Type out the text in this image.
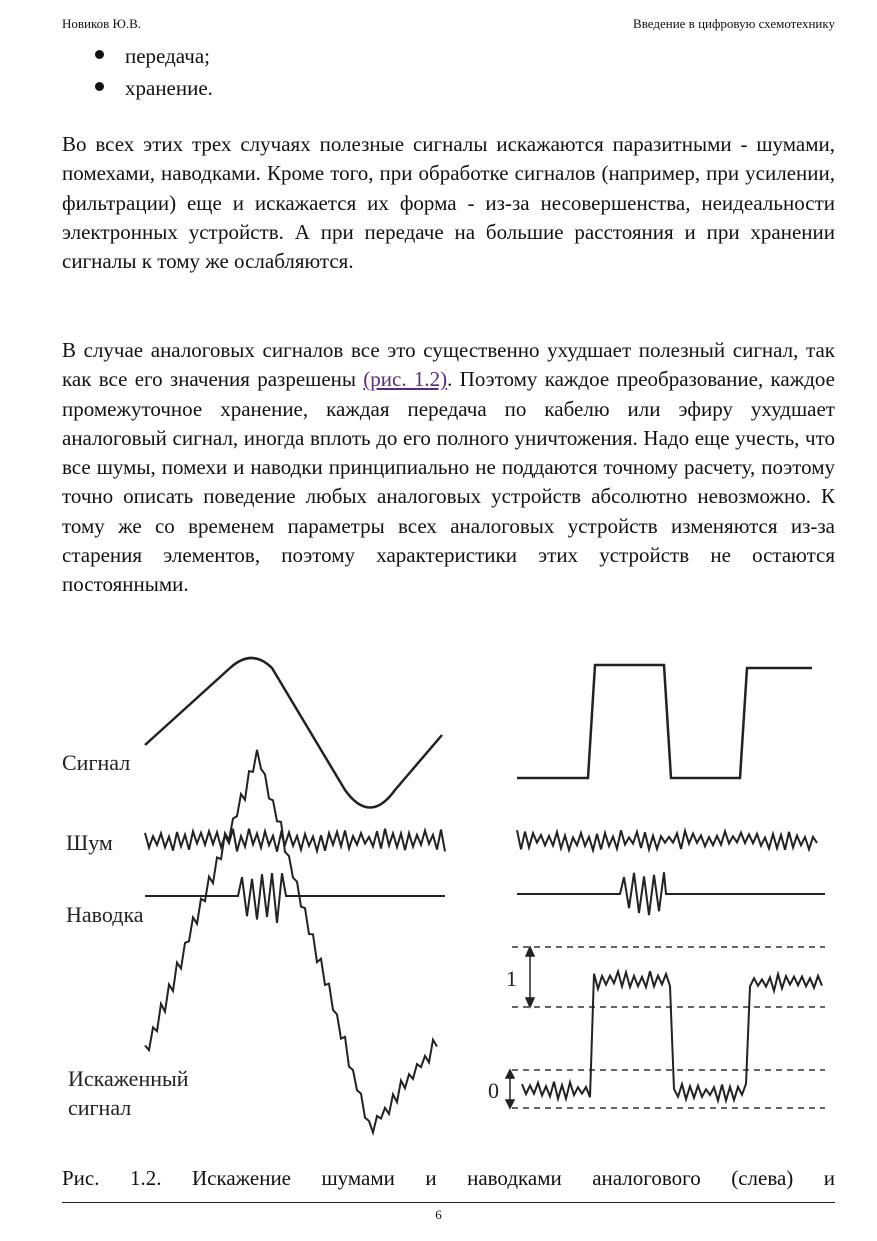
Новиков Ю.В.	Введение в цифровую схемотехнику
передача;
хранение.

Во всех этих трех случаях полезные сигналы искажаются паразитными - шумами, помехами, наводками. Кроме того, при обработке сигналов (например, при усилении, фильтрации) еще и искажается их форма - из-за несовершенства, неидеальности электронных устройств. А при передаче на большие расстояния и при хранении сигналы к тому же ослабляются.

В случае аналоговых сигналов все это существенно ухудшает полезный сигнал, так как все его значения разрешены (рис. 1.2). Поэтому каждое преобразование, каждое промежуточное хранение, каждая передача по кабелю или эфиру ухудшает аналоговый сигнал, иногда вплоть до его полного уничтожения. Надо еще учесть, что все шумы, помехи и наводки принципиально не поддаются точному расчету, поэтому точно описать поведение любых аналоговых устройств абсолютно невозможно. К тому же со временем параметры всех аналоговых устройств изменяются из-за старения элементов, поэтому характеристики этих устройств не остаются постоянными.

Сигнал
Шум
Наводка
Искаженный
сигнал
1
0

Рис. 1.2. Искажение шумами и наводками аналогового (слева) и

6
